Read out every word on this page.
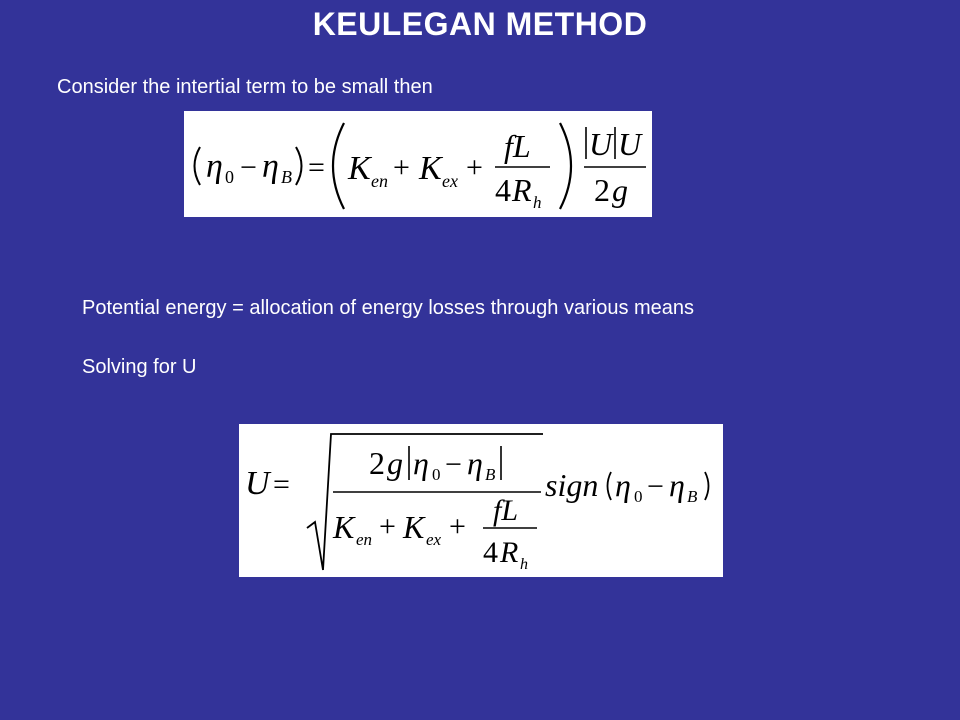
KEULEGAN METHOD
Consider the intertial term to be small then
η 0 − η B = K en + K ex +
fL
4 R h
U U
2 g
Potential energy = allocation of energy losses through various means
Solving for U
U =
2 g η 0 − η B
K en + K ex + fL
4 R h
sign η 0 − η B
